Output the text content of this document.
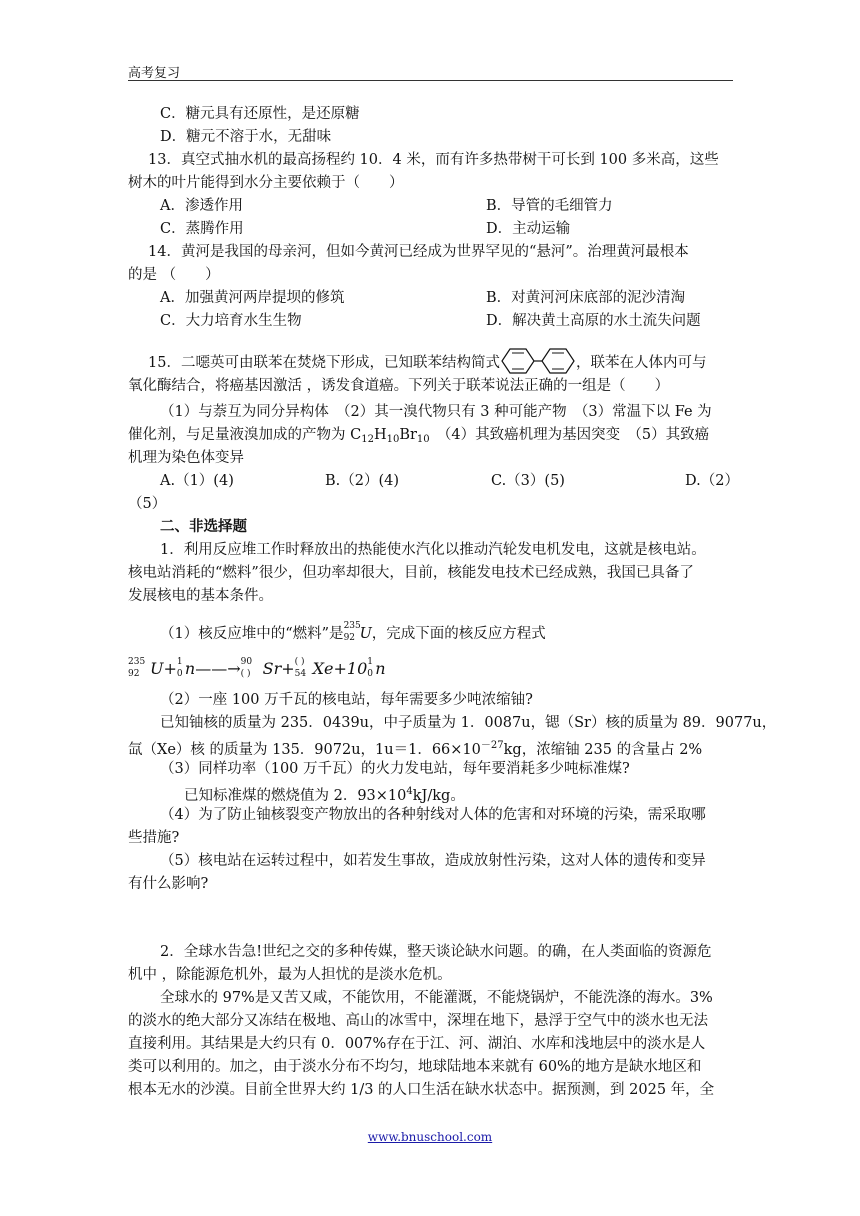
高考复习
C．糖元具有还原性，是还原糖
D．糖元不溶于水，无甜味
13．真空式抽水机的最高扬程约 10．4 米，而有许多热带树干可长到 100 多米高，这些
树木的叶片能得到水分主要依赖于（　　）
A．渗透作用	B．导管的毛细管力
C．蒸腾作用	D．主动运输
14．黄河是我国的母亲河，但如今黄河已经成为世界罕见的“悬河”。治理黄河最根本
的是 （　　）
A．加强黄河两岸提坝的修筑	B．对黄河河床底部的泥沙清淘
C．大力培育水生生物	D．解决黄土高原的水土流失问题
15．二噁英可由联苯在焚烧下形成，已知联苯结构简式	，联苯在人体内可与
氧化酶结合，将癌基因激活 ，诱发食道癌。下列关于联苯说法正确的一组是（　　）
（1）与萘互为同分异构体　（2）其一溴代物只有 3 种可能产物　（3）常温下以 Fe 为
催化剂，与足量液溴加成的产物为 $C_{12}H_{10}Br_{10}$　（4）其致癌机理为基因突变　（5）其致癌
机理为染色体变异
A.（1）(4)	B.（2）(4)	C.（3）(5)	D.（2）
（5）
二、非选择题
1．利用反应堆工作时释放出的热能使水汽化以推动汽轮发电机发电，这就是核电站。
核电站消耗的“燃料”很少，但功率却很大，目前，核能发电技术已经成熟，我国已具备了
发展核电的基本条件。
（1）核反应堆中的“燃料”是 235
92 U，完成下面的核反应方程式
235
92 U+ 1
0 n——→ 90
( ) Sr+ ( )
54 Xe+10 1
0 n
（2）一座 100 万千瓦的核电站，每年需要多少吨浓缩铀?
已知铀核的质量为 235．0439u，中子质量为 1．0087u，锶（Sr）核的质量为 89．9077u，
氙（Xe）核 的质量为 135．9072u，1u＝1．$66\times 10^{-27}kg$，浓缩铀 235 的含量占 2%
（3）同样功率（100 万千瓦）的火力发电站，每年要消耗多少吨标准煤?
已知标准煤的燃烧值为 2．$93\times 10^4kJ/kg$。
（4）为了防止铀核裂变产物放出的各种射线对人体的危害和对环境的污染，需采取哪
些措施?
（5）核电站在运转过程中，如若发生事故，造成放射性污染，这对人体的遗传和变异
有什么影响?
2．全球水告急!世纪之交的多种传媒，整天谈论缺水问题。的确，在人类面临的资源危
机中 ，除能源危机外，最为人担忧的是淡水危机。
全球水的 97%是又苦又咸，不能饮用，不能灌溉，不能烧锅炉，不能洗涤的海水。3%
的淡水的绝大部分又冻结在极地、高山的冰雪中，深埋在地下，悬浮于空气中的淡水也无法
直接利用。其结果是大约只有 0．007%存在于江、河、湖泊、水库和浅地层中的淡水是人
类可以利用的。加之，由于淡水分布不均匀，地球陆地本来就有 60%的地方是缺水地区和
根本无水的沙漠。目前全世界大约 1/3 的人口生活在缺水状态中。据预测，到 2025 年，全
www.bnuschool.com
